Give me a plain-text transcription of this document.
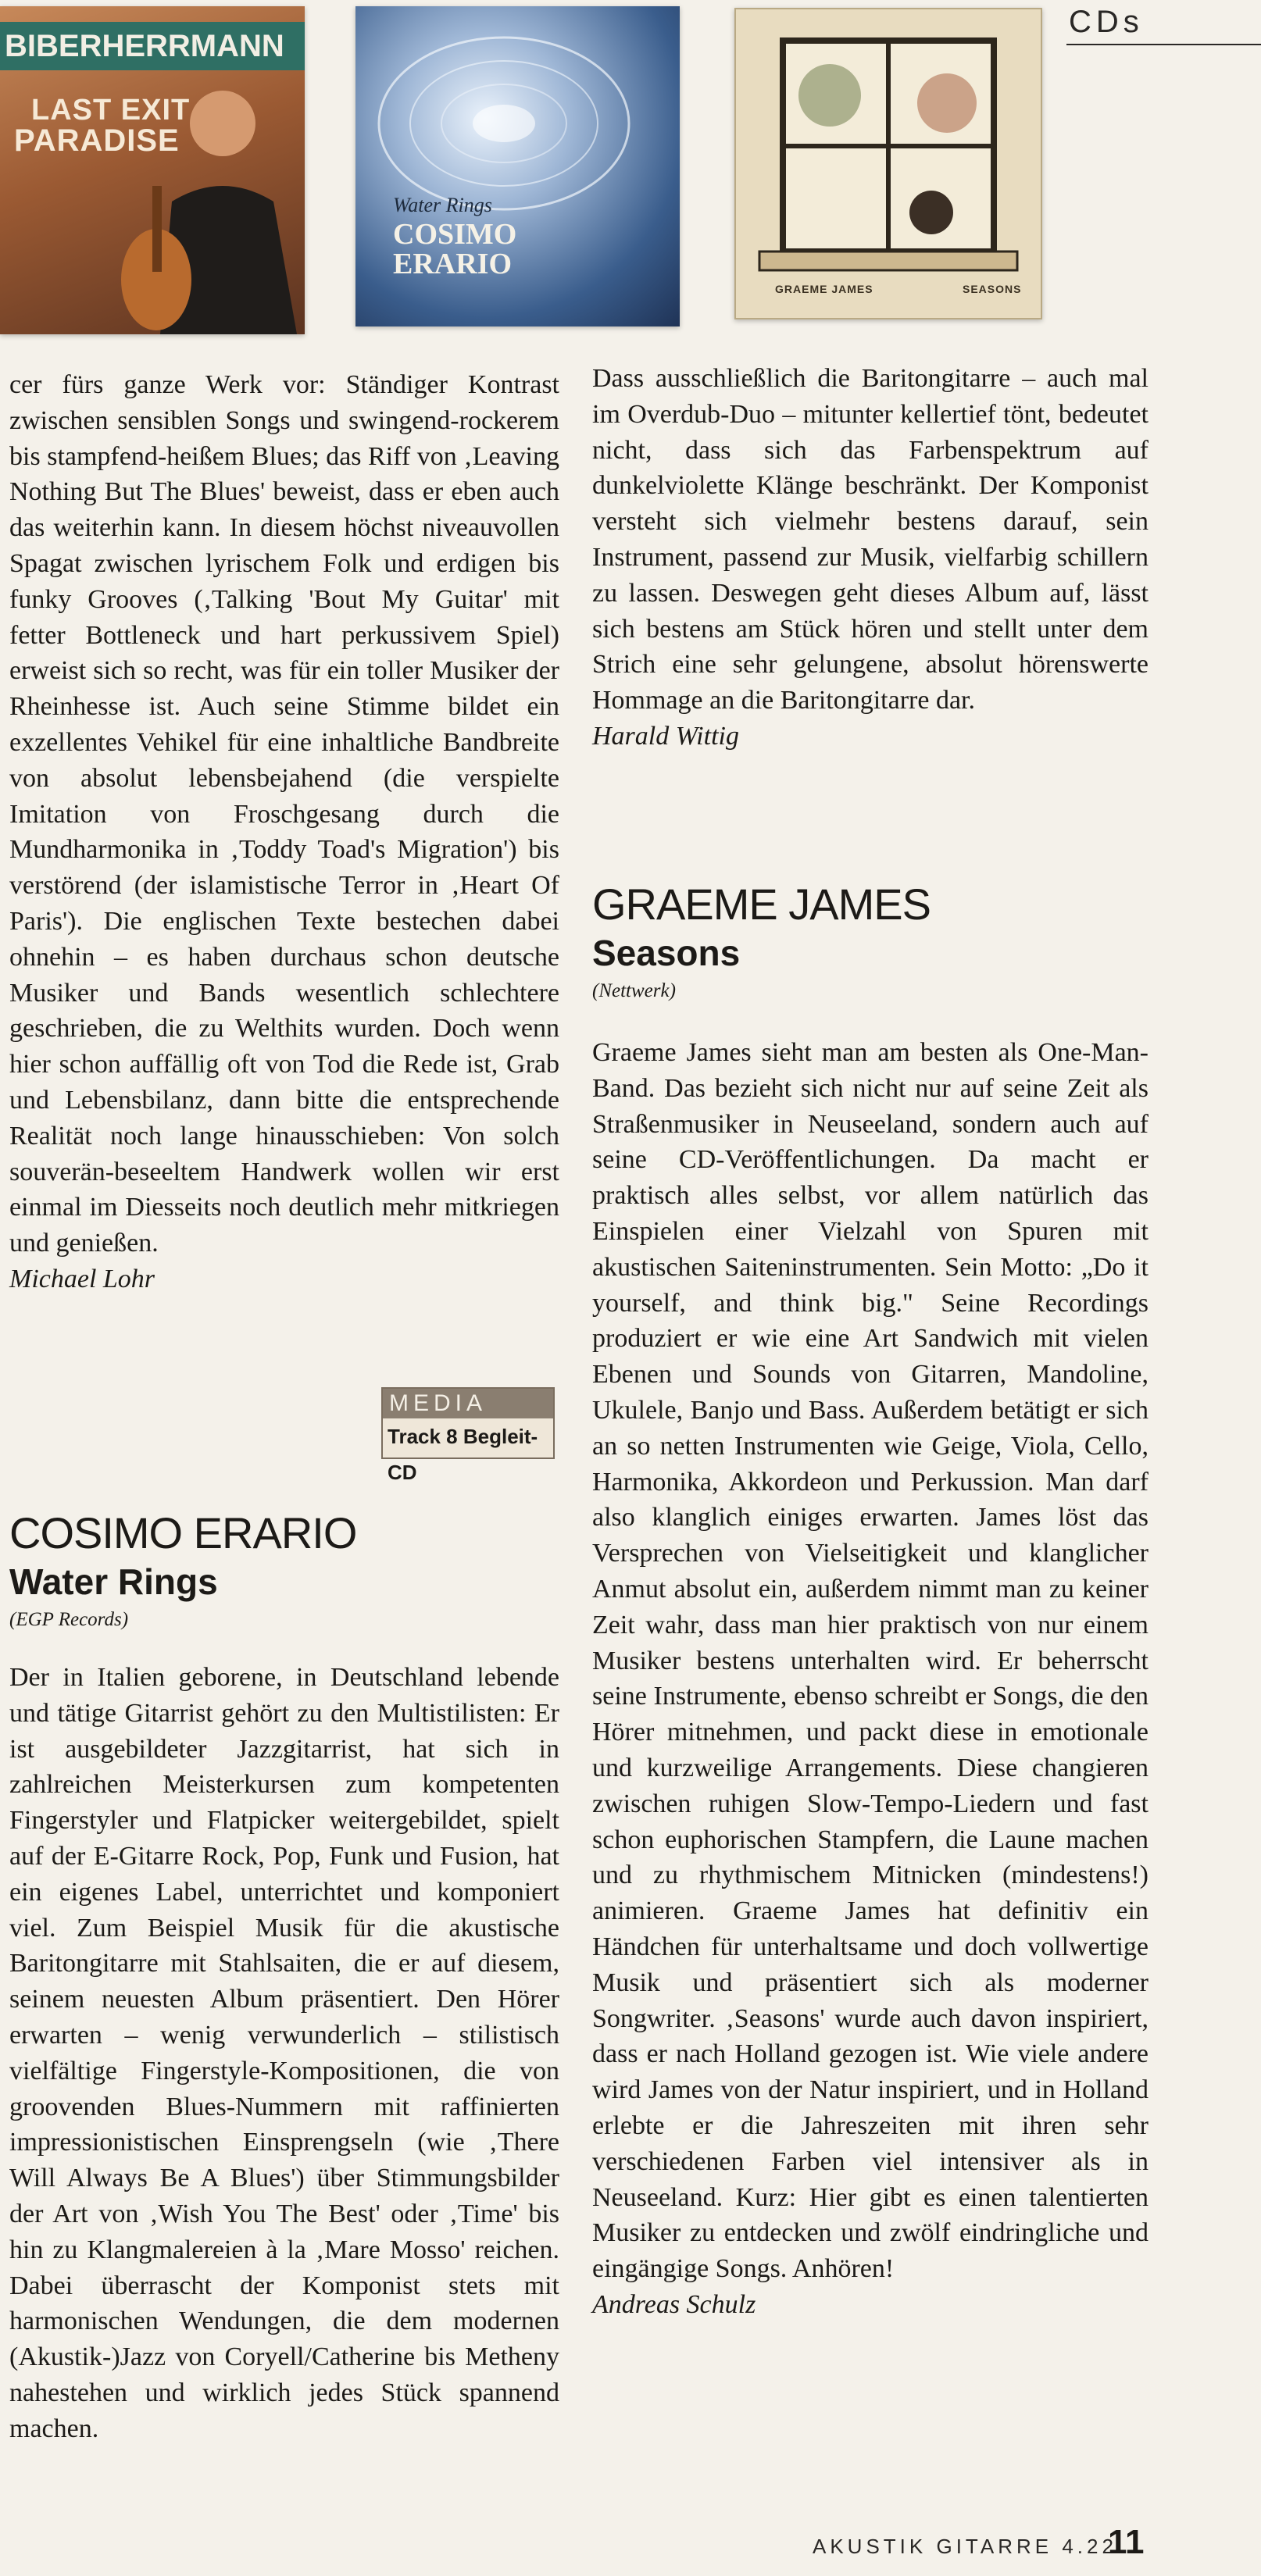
BIBERHERRMANN
LAST EXIT
PARADISE
Water Rings
COSIMO
ERARIO
GRAEME JAMES	SEASONS
CDs

cer fürs ganze Werk vor: Ständiger Kontrast zwischen sensiblen Songs und swingend-rockerem bis stampfend-heißem Blues; das Riff von ‚Leaving Nothing But The Blues' beweist, dass er eben auch das weiterhin kann. In diesem höchst niveauvollen Spagat zwischen lyrischem Folk und erdigen bis funky Grooves (‚Talking 'Bout My Guitar' mit fetter Bottleneck und hart perkussivem Spiel) erweist sich so recht, was für ein toller Musiker der Rheinhesse ist. Auch seine Stimme bildet ein exzellentes Vehikel für eine inhaltliche Bandbreite von absolut lebensbejahend (die verspielte Imitation von Froschgesang durch die Mundharmonika in ‚Toddy Toad's Migration') bis verstörend (der islamistische Terror in ‚Heart Of Paris'). Die englischen Texte bestechen dabei ohnehin – es haben durchaus schon deutsche Musiker und Bands wesentlich schlechtere geschrieben, die zu Welthits wurden. Doch wenn hier schon auffällig oft von Tod die Rede ist, Grab und Lebensbilanz, dann bitte die entsprechende Realität noch lange hinausschieben: Von solch souverän-beseeltem Handwerk wollen wir erst einmal im Diesseits noch deutlich mehr mitkriegen und genießen.

Michael Lohr

MEDIA
Track 8 Begleit-CD

COSIMO ERARIO

Water Rings

(EGP Records)

Der in Italien geborene, in Deutschland lebende und tätige Gitarrist gehört zu den Multistilisten: Er ist ausgebildeter Jazzgitarrist, hat sich in zahlreichen Meisterkursen zum kompetenten Fingerstyler und Flatpicker weitergebildet, spielt auf der E-Gitarre Rock, Pop, Funk und Fusion, hat ein eigenes Label, unterrichtet und komponiert viel. Zum Beispiel Musik für die akustische Baritongitarre mit Stahlsaiten, die er auf diesem, seinem neuesten Album präsentiert. Den Hörer erwarten – wenig verwunderlich – stilistisch vielfältige Fingerstyle-Kompositionen, die von groovenden Blues-Nummern mit raffinierten impressionistischen Einsprengseln (wie ‚There Will Always Be A Blues') über Stimmungsbilder der Art von ‚Wish You The Best' oder ‚Time' bis hin zu Klangmalereien à la ‚Mare Mosso' reichen. Dabei überrascht der Komponist stets mit harmonischen Wendungen, die dem modernen (Akustik-)Jazz von Coryell/Catherine bis Metheny nahestehen und wirklich jedes Stück spannend machen.

Dass ausschließlich die Baritongitarre – auch mal im Overdub-Duo – mitunter kellertief tönt, bedeutet nicht, dass sich das Farbenspektrum auf dunkelviolette Klänge beschränkt. Der Komponist versteht sich vielmehr bestens darauf, sein Instrument, passend zur Musik, vielfarbig schillern zu lassen. Deswegen geht dieses Album auf, lässt sich bestens am Stück hören und stellt unter dem Strich eine sehr gelungene, absolut hörenswerte Hommage an die Baritongitarre dar.

Harald Wittig

GRAEME JAMES

Seasons

(Nettwerk)

Graeme James sieht man am besten als One-Man-Band. Das bezieht sich nicht nur auf seine Zeit als Straßenmusiker in Neuseeland, sondern auch auf seine CD-Veröffentlichungen. Da macht er praktisch alles selbst, vor allem natürlich das Einspielen einer Vielzahl von Spuren mit akustischen Saiteninstrumenten. Sein Motto: „Do it yourself, and think big." Seine Recordings produziert er wie eine Art Sandwich mit vielen Ebenen und Sounds von Gitarren, Mandoline, Ukulele, Banjo und Bass. Außerdem betätigt er sich an so netten Instrumenten wie Geige, Viola, Cello, Harmonika, Akkordeon und Perkussion. Man darf also klanglich einiges erwarten. James löst das Versprechen von Vielseitigkeit und klanglicher Anmut absolut ein, außerdem nimmt man zu keiner Zeit wahr, dass man hier praktisch von nur einem Musiker bestens unterhalten wird. Er beherrscht seine Instrumente, ebenso schreibt er Songs, die den Hörer mitnehmen, und packt diese in emotionale und kurzweilige Arrangements. Diese changieren zwischen ruhigen Slow-Tempo-Liedern und fast schon euphorischen Stampfern, die Laune machen und zu rhythmischem Mitnicken (mindestens!) animieren. Graeme James hat definitiv ein Händchen für unterhaltsame und doch vollwertige Musik und präsentiert sich als moderner Songwriter. ‚Seasons' wurde auch davon inspiriert, dass er nach Holland gezogen ist. Wie viele andere wird James von der Natur inspiriert, und in Holland erlebte er die Jahreszeiten mit ihren sehr verschiedenen Farben viel intensiver als in Neuseeland. Kurz: Hier gibt es einen talentierten Musiker zu entdecken und zwölf eindringliche und eingängige Songs. Anhören!

Andreas Schulz

AKUSTIK GITARRE 4.22
11
